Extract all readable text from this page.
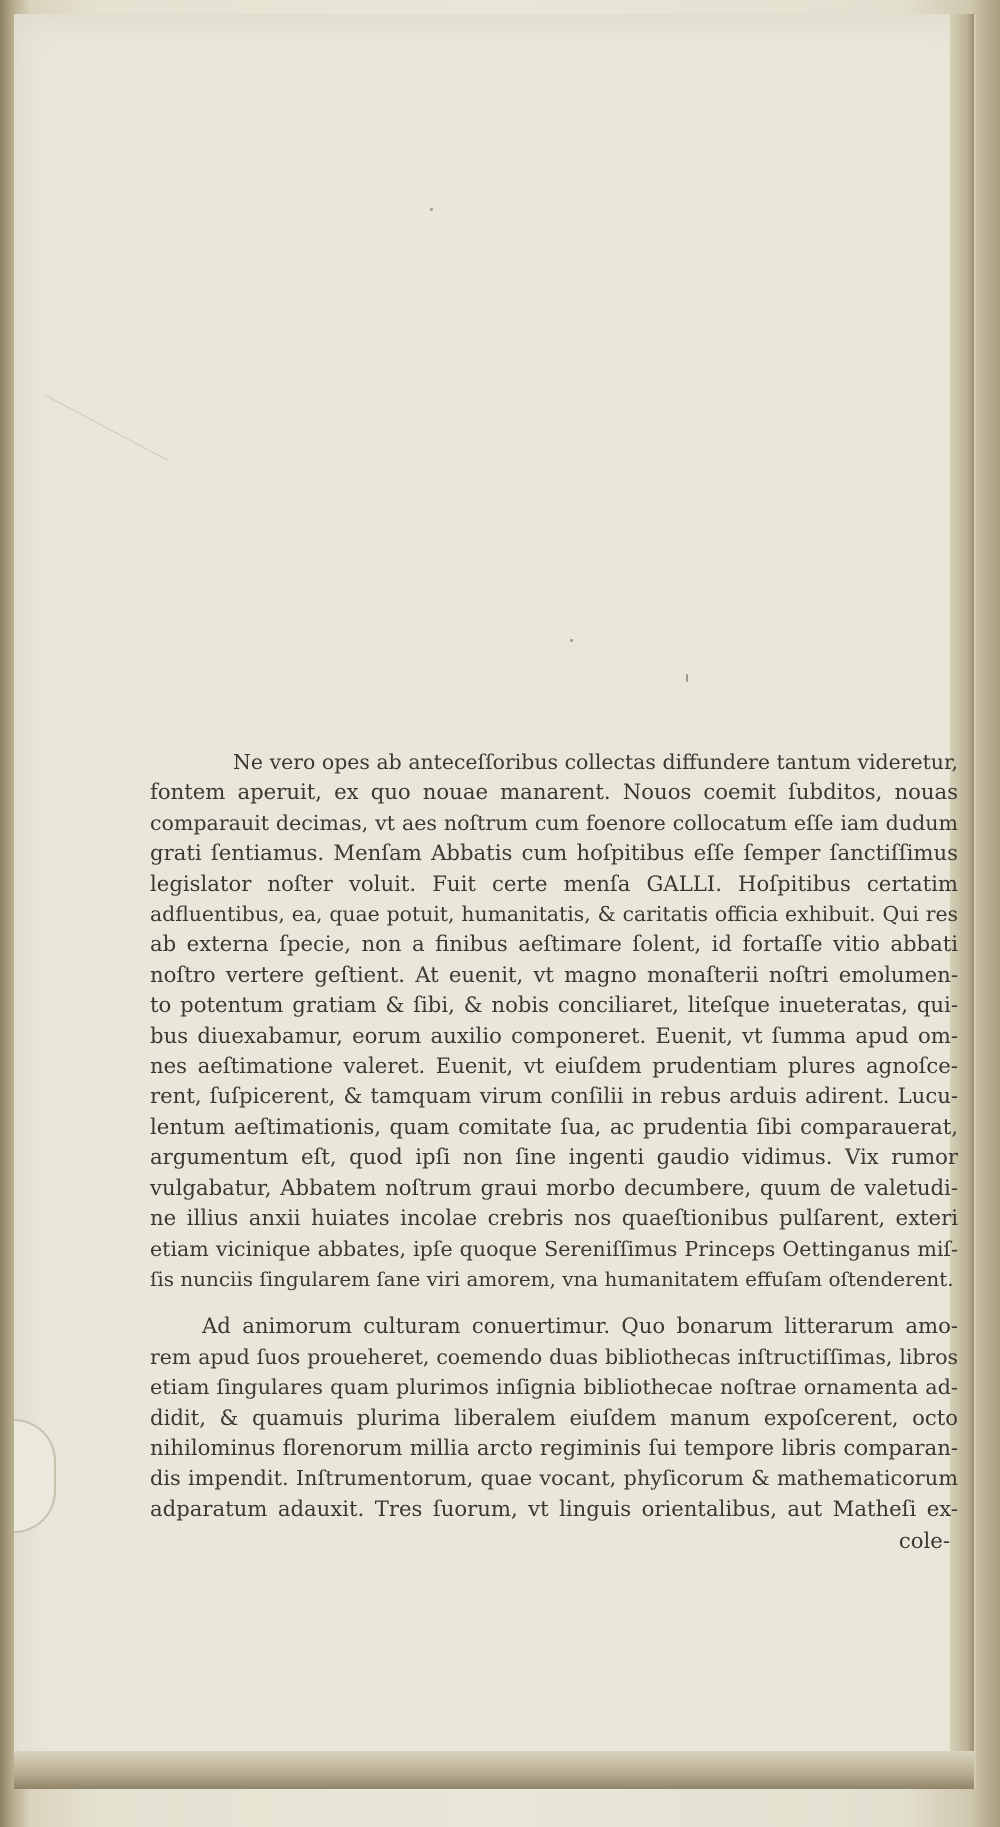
Ne vero opes ab anteceſſoribus collectas diffundere tantum videretur,
fontem aperuit, ex quo nouae manarent. Nouos coemit ſubditos, nouas
comparauit decimas, vt aes noſtrum cum foenore collocatum eſſe iam dudum
grati ſentiamus. Menſam Abbatis cum hoſpitibus eſſe ſemper ſanctiſſimus
legislator noſter voluit. Fuit certe menſa GALLI. Hoſpitibus certatim
adfluentibus, ea, quae potuit, humanitatis, & caritatis officia exhibuit. Qui res
ab externa ſpecie, non a finibus aeſtimare ſolent, id fortaſſe vitio abbati
noſtro vertere geſtient. At euenit, vt magno monaſterii noſtri emolumen-
to potentum gratiam & ſibi, & nobis conciliaret, liteſque inueteratas, qui-
bus diuexabamur, eorum auxilio componeret. Euenit, vt ſumma apud om-
nes aeſtimatione valeret. Euenit, vt eiuſdem prudentiam plures agnoſce-
rent, ſuſpicerent, & tamquam virum conſilii in rebus arduis adirent. Lucu-
lentum aeſtimationis, quam comitate ſua, ac prudentia ſibi comparauerat,
argumentum eſt, quod ipſi non ſine ingenti gaudio vidimus. Vix rumor
vulgabatur, Abbatem noſtrum graui morbo decumbere, quum de valetudi-
ne illius anxii huiates incolae crebris nos quaeſtionibus pulſarent, exteri
etiam vicinique abbates, ipſe quoque Sereniſſimus Princeps Oettinganus miſ-
ſis nunciis ſingularem ſane viri amorem, vna humanitatem effuſam oſtenderent.

Ad animorum culturam conuertimur. Quo bonarum litterarum amo-
rem apud ſuos proueheret, coemendo duas bibliothecas inſtructiſſimas, libros
etiam ſingulares quam plurimos inſignia bibliothecae noſtrae ornamenta ad-
didit, & quamuis plurima liberalem eiuſdem manum expoſcerent, octo
nihilominus florenorum millia arcto regiminis ſui tempore libris comparan-
dis impendit. Inſtrumentorum, quae vocant, phyſicorum & mathematicorum
adparatum adauxit. Tres ſuorum, vt linguis orientalibus, aut Matheſi ex-
cole-
